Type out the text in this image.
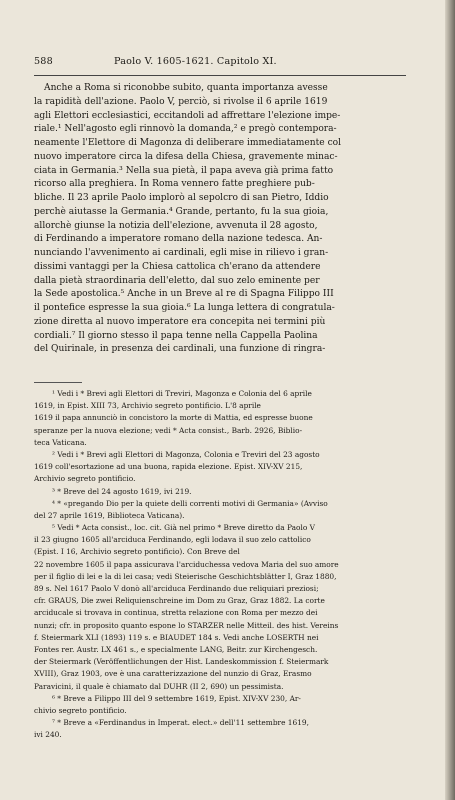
588	Paolo V. 1605-1621. Capitolo XI.
Anche a Roma si riconobbe subito, quanta importanza avesse
la rapidità dell'azione. Paolo V, perciò, si rivolse il 6 aprile 1619
agli Elettori ecclesiastici, eccitandoli ad affrettare l'elezione impe-
riale.¹ Nell'agosto egli rinnovò la domanda,² e pregò contempora-
neamente l'Elettore di Magonza di deliberare immediatamente col
nuovo imperatore circa la difesa della Chiesa, gravemente minac-
ciata in Germania.³ Nella sua pietà, il papa aveva già prima fatto
ricorso alla preghiera. In Roma vennero fatte preghiere pub-
bliche. Il 23 aprile Paolo implorò al sepolcro di san Pietro, Iddio
perchè aiutasse la Germania.⁴ Grande, pertanto, fu la sua gioia,
allorchè giunse la notizia dell'elezione, avvenuta il 28 agosto,
di Ferdinando a imperatore romano della nazione tedesca. An-
nunciando l'avvenimento ai cardinali, egli mise in rilievo i gran-
dissimi vantaggi per la Chiesa cattolica ch'erano da attendere
dalla pietà straordinaria dell'eletto, dal suo zelo eminente per
la Sede apostolica.⁵ Anche in un Breve al re di Spagna Filippo III
il pontefice espresse la sua gioia.⁶ La lunga lettera di congratula-
zione diretta al nuovo imperatore era concepita nei termini più
cordiali.⁷ Il giorno stesso il papa tenne nella Cappella Paolina
del Quirinale, in presenza dei cardinali, una funzione di ringra-
¹ Vedi i * Brevi agli Elettori di Treviri, Magonza e Colonia del 6 aprile
1619, in Epist. XIII 73, Archivio segreto pontificio. L'8 aprile
1619 il papa annunciò in concistoro la morte di Mattia, ed espresse buone
speranze per la nuova elezione; vedi * Acta consist., Barb. 2926, Biblio-
teca Vaticana.
² Vedi i * Brevi agli Elettori di Magonza, Colonia e Treviri del 23 agosto
1619 coll'esortazione ad una buona, rapida elezione. Epist. XIV-XV 215,
Archivio segreto pontificio.
³ * Breve del 24 agosto 1619, ivi 219.
⁴ * «pregando Dio per la quiete delli correnti motivi di Germania» (Avviso
del 27 aprile 1619, Biblioteca Vaticana).
⁵ Vedi * Acta consist., loc. cit. Già nel primo * Breve diretto da Paolo V
il 23 giugno 1605 all'arciduca Ferdinando, egli lodava il suo zelo cattolico
(Epist. I 16, Archivio segreto pontificio). Con Breve del
22 novembre 1605 il papa assicurava l'arciduchessa vedova Maria del suo amore
per il figlio di lei e la di lei casa; vedi Steierische Geschichtsblätter I, Graz 1880,
89 s. Nel 1617 Paolo V donò all'arciduca Ferdinando due reliquiari preziosi;
cfr. GRAUS, Die zwei Reliquienschreine im Dom zu Graz, Graz 1882. La corte
arciducale si trovava in continua, stretta relazione con Roma per mezzo dei
nunzi; cfr. in proposito quanto espone lo STARZER nelle Mitteil. des hist. Vereins
f. Steiermark XLI (1893) 119 s. e BIAUDET 184 s. Vedi anche LOSERTH nei
Fontes rer. Austr. LX 461 s., e specialmente LANG, Beitr. zur Kirchengesch.
der Steiermark (Veröffentlichungen der Hist. Landeskommission f. Steiermark
XVIII), Graz 1903, ove è una caratterizzazione del nunzio di Graz, Erasmo
Paravicini, il quale è chiamato dal DUHR (II 2, 690) un pessimista.
⁶ * Breve a Filippo III del 9 settembre 1619, Epist. XIV-XV 230, Ar-
chivio segreto pontificio.
⁷ * Breve a «Ferdinandus in Imperat. elect.» dell'11 settembre 1619,
ivi 240.
